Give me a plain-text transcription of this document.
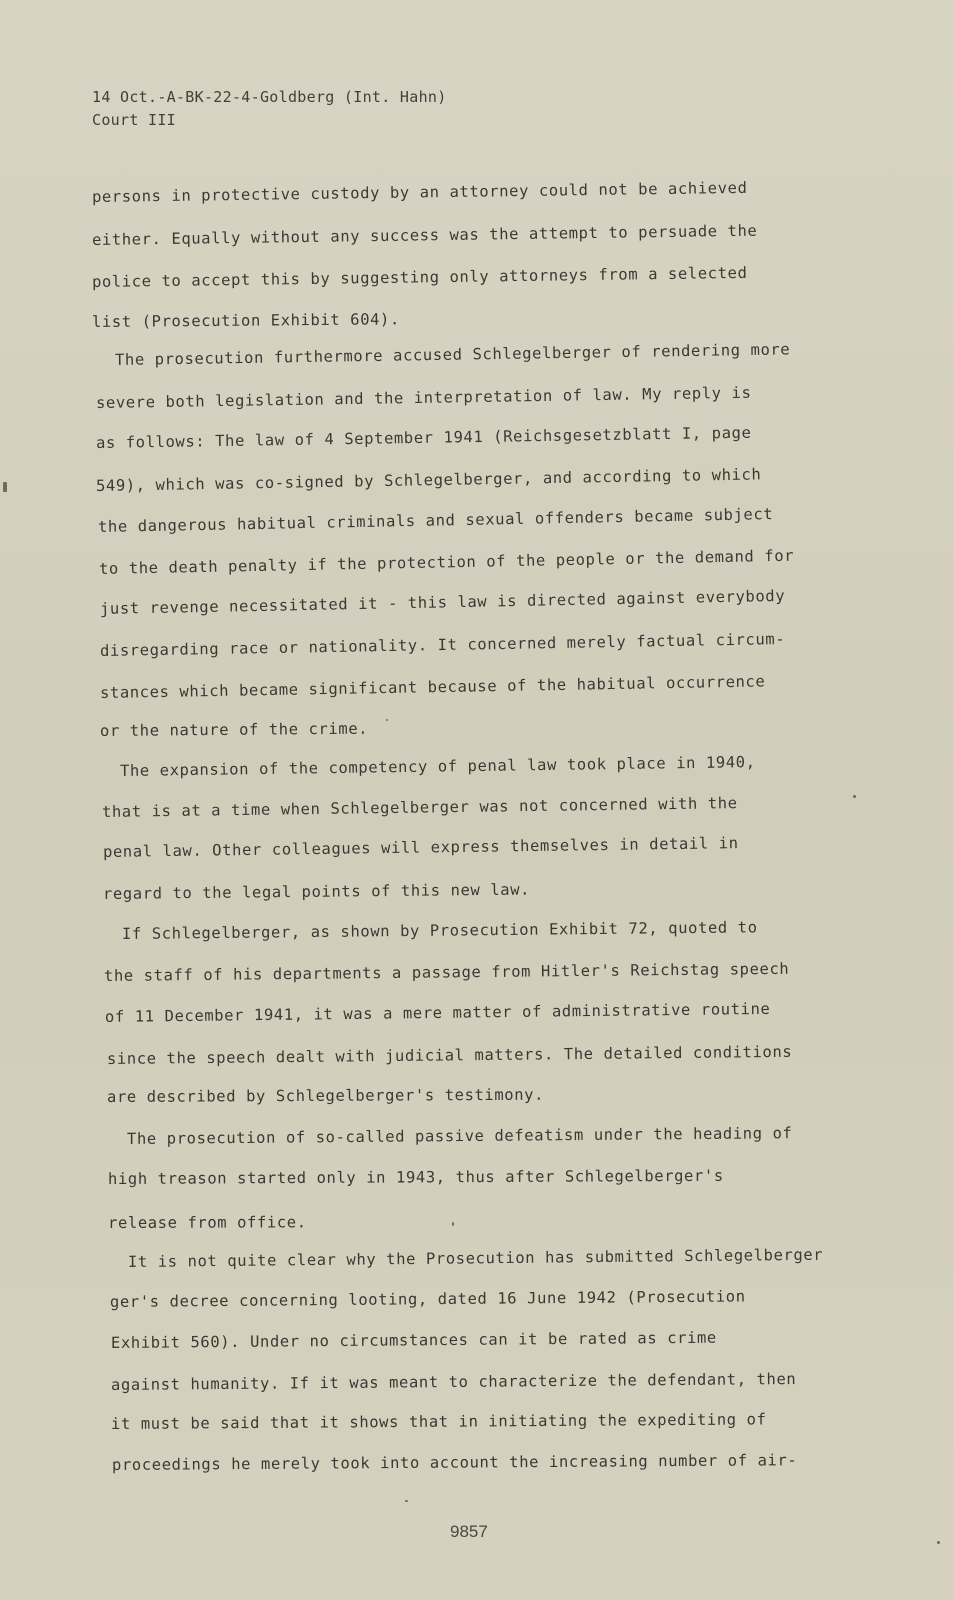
14 Oct.-A-BK-22-4-Goldberg (Int. Hahn)
Court III
persons in protective custody by an attorney could not be achieved
either. Equally without any success was the attempt to persuade the
police to accept this by suggesting only attorneys from a selected
list (Prosecution Exhibit 604).
The prosecution furthermore accused Schlegelberger of rendering more
severe both legislation and the interpretation of law. My reply is
as follows: The law of 4 September 1941 (Reichsgesetzblatt I, page
549), which was co-signed by Schlegelberger, and according to which
the dangerous habitual criminals and sexual offenders became subject
to the death penalty if the protection of the people or the demand for
just revenge necessitated it - this law is directed against everybody
disregarding race or nationality. It concerned merely factual circum-
stances which became significant because of the habitual occurrence
or the nature of the crime.
The expansion of the competency of penal law took place in 1940,
that is at a time when Schlegelberger was not concerned with the
penal law. Other colleagues will express themselves in detail in
regard to the legal points of this new law.
If Schlegelberger, as shown by Prosecution Exhibit 72, quoted to
the staff of his departments a passage from Hitler's Reichstag speech
of 11 December 1941, it was a mere matter of administrative routine
since the speech dealt with judicial matters. The detailed conditions
are described by Schlegelberger's testimony.
The prosecution of so-called passive defeatism under the heading of
high treason started only in 1943, thus after Schlegelberger's
release from office.
It is not quite clear why the Prosecution has submitted Schlegelberger
ger's decree concerning looting, dated 16 June 1942 (Prosecution
Exhibit 560). Under no circumstances can it be rated as crime
against humanity. If it was meant to characterize the defendant, then
it must be said that it shows that in initiating the expediting of
proceedings he merely took into account the increasing number of air-
9857
